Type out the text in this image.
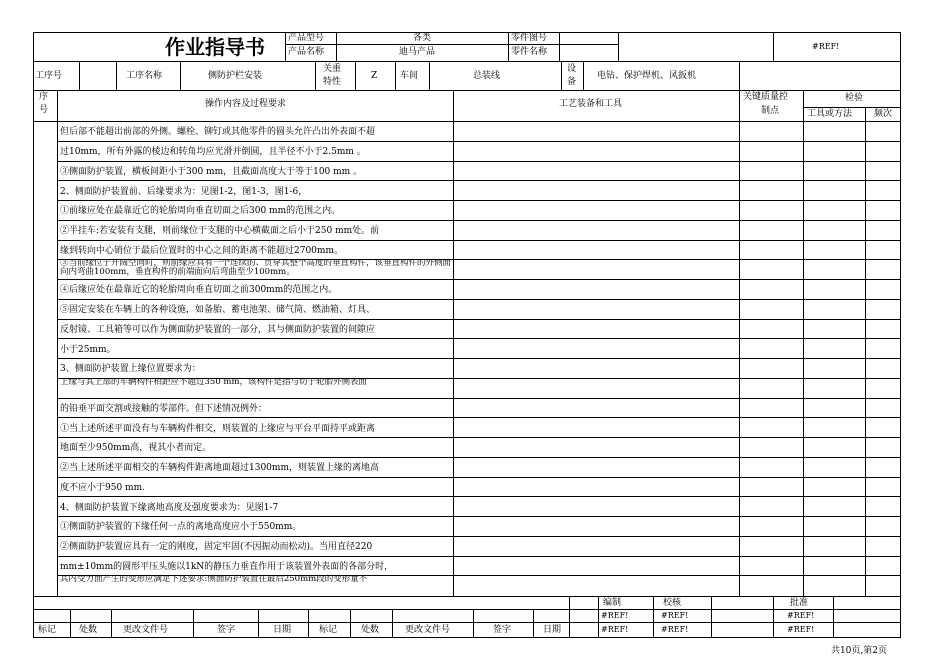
作业指导书	产品型号	各类	零件图号
产品名称	迪马产品	零件名称
#REF!
工序号	工序名称	侧防护栏安装
关重
特性
Z	车间	总装线
设
备
电钻、保护焊机、风扳机
序
号
操作内容及过程要求	工艺装备和工具
关键质量控
制点
检验
工具或方法 频次
但后部不能超出前部的外侧。螺栓、铆钉或其他零件的圆头允许凸出外表面不超
过10mm，所有外露的棱边和转角均应光滑并倒圆，且半径不小于2.5mm 。
③侧面防护装置，横板间距小于300 mm，且截面高度大于等于100 mm 。
2、侧面防护装置前、后缘要求为：见图1-2，图1-3，图1-6，
①前缘应处在最靠近它的轮胎周向垂直切面之后300 mm的范围之内。
②半挂车:若安装有支腿，则前缘位于支腿的中心横截面之后小于250 mm处。前
缘到转向中心销位于最后位置时的中心之间的距离不能超过2700mm。
③当前缘位于开阔空间时，则前缘应具有一个连续的、贯穿其整个高度的垂直构件，该垂直构件的外侧面向内弯曲100mm，垂直构件的前端面向后弯曲至少100mm。
④后缘应处在最靠近它的轮胎周向垂直切面之前300mm的范围之内。
⑤固定安装在车辆上的各种设施，如备胎、蓄电池架、储气筒、燃油箱、灯具、
反射镜、工具箱等可以作为侧面防护装置的一部分，其与侧面防护装置的间隙应
小于25mm。
3、侧面防护装置上缘位置要求为：
上缘与其上部的车辆构件相距应不超过350 mm，该构件是指与切于轮胎外侧表面
的铅垂平面交割或接触的零部件。但下述情况例外：
①当上述所述平面没有与车辆构件相交，则装置的上缘应与平台平面持平或距离
地面至少950mm高，视其小者而定。
②当上述所述平面相交的车辆构件距离地面超过1300mm，则装置上缘的离地高
度不应小于950 mm.
4、侧面防护装置下缘离地高度及强度要求为：见图1-7
①侧面防护装置的下缘任何一点的离地高度应小于550mm。
②侧面防护装置应具有一定的刚度，固定牢固(不因振动而松动)。当用直径220
mm±10mm的圆形平压头施以1kN的静压力垂直作用于该装置外表面的各部分时，
其内受力面产生的变形应满足下述要求:侧面防护装置在最后250mm段的变形量不
编制	校核	批准
#REF!	#REF!	#REF!
#REF!	#REF!	#REF!
标记	处数	更改文件号	签字	日期	标记	处数	更改文件号	签字	日期
共10页,第2页
